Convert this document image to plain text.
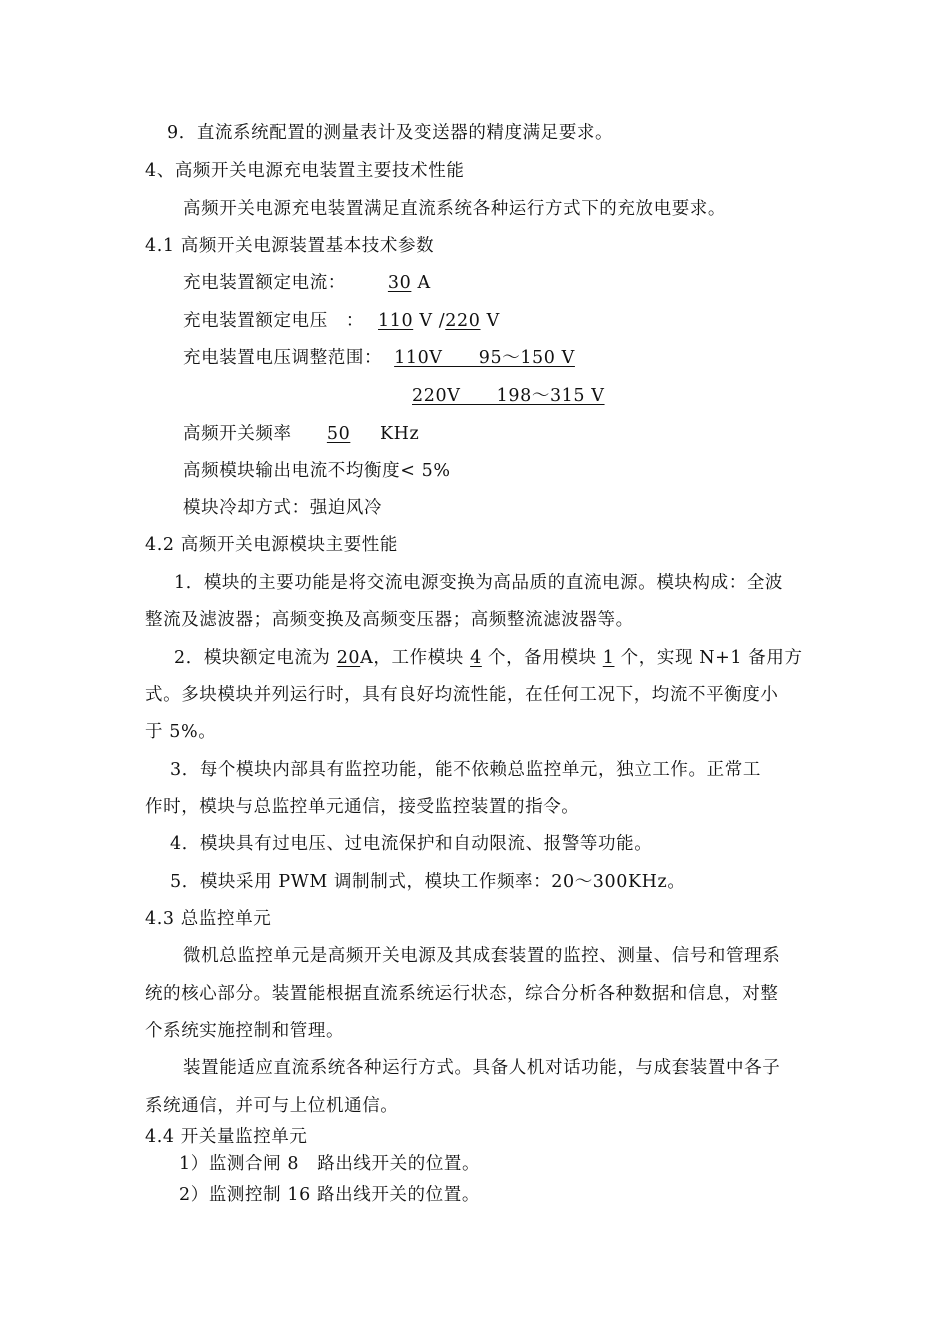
9．直流系统配置的测量表计及变送器的精度满足要求。
4、高频开关电源充电装置主要技术性能
高频开关电源充电装置满足直流系统各种运行方式下的充放电要求。
4.1 高频开关电源装置基本技术参数
充电装置额定电流： 30 A
充电装置额定电压　： 110 V /220 V
充电装置电压调整范围： 110V　　95～150 V
220V　　198～315 V
高频开关频率 50 KHz
高频模块输出电流不均衡度< 5%
模块冷却方式：强迫风冷
4.2 高频开关电源模块主要性能
1．模块的主要功能是将交流电源变换为高品质的直流电源。模块构成：全波
整流及滤波器；高频变换及高频变压器；高频整流滤波器等。
2．模块额定电流为 20A，工作模块 4 个，备用模块 1 个，实现 N+1 备用方
式。多块模块并列运行时，具有良好均流性能，在任何工况下，均流不平衡度小
于 5%。
3．每个模块内部具有监控功能，能不依赖总监控单元，独立工作。正常工
作时，模块与总监控单元通信，接受监控装置的指令。
4．模块具有过电压、过电流保护和自动限流、报警等功能。
5．模块采用 PWM 调制制式，模块工作频率：20～300KHz。
4.3 总监控单元
微机总监控单元是高频开关电源及其成套装置的监控、测量、信号和管理系
统的核心部分。装置能根据直流系统运行状态，综合分析各种数据和信息，对整
个系统实施控制和管理。
装置能适应直流系统各种运行方式。具备人机对话功能，与成套装置中各子
系统通信，并可与上位机通信。
4.4 开关量监控单元
1）监测合闸 8　路出线开关的位置。
2）监测控制 16 路出线开关的位置。
